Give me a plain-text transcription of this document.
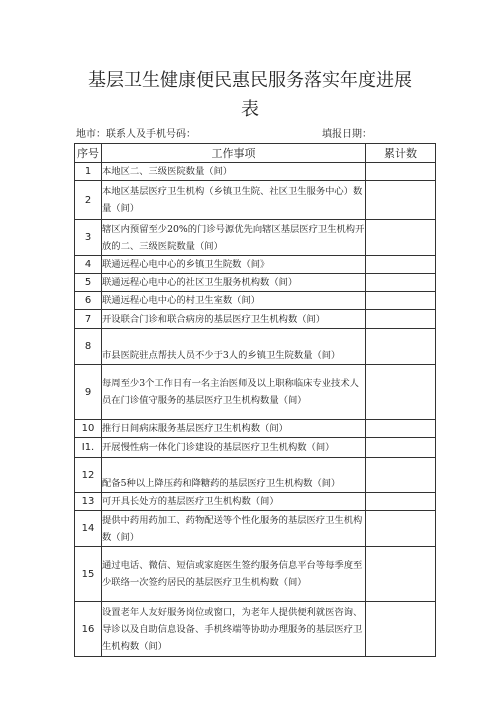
基层卫生健康便民惠民服务落实年度进展
表
地市：联系人及手机号码：	填报日期：
序号	工作事项	累计数
1	本地区二、三级医院数量（间）	
2	本地区基层医疗卫生机构（乡镇卫生院、社区卫生服务中心）数量（间）	
3	辖区内预留至少20%的门诊号源优先向辖区基层医疗卫生机构开放的二、三级医院数量（间）	
4	联通远程心电中心的乡镇卫生院数（间》	
5	联通远程心电中心的社区卫生服务机构数（间）	
6	联通远程心电中心的村卫生室数（间）	
7	开设联合门诊和联合病房的基层医疗卫生机构数（间）	
8	市县医院驻点帮扶人员不少于3人的乡镇卫生院数量（间）	
9	每周至少3个工作日有一名主治医师及以上职称临床专业技术人员在门诊值守服务的基层医疗卫生机构数量（间）	
10	推行日间病床服务基层医疗卫生机构数（间）	
I1.	开展慢性病一体化门诊建设的基层医疗卫生机构数（间）	
12	配备5种以上降压药和降糖药的基层医疗卫生机构数（间）	
13	可开具长处方的基层医疗卫生机构数（间）	
14	提供中药用药加工、药物配送等个性化服务的基层医疗卫生机构数（间）	
15	通过电话、微信、短信或家庭医生签约服务信息平台等每季度至少联络一次签约居民的基层医疗卫生机构数（间）	
16	设置老年人友好服务岗位或窗口，为老年人提供便利就医咨询、导诊以及自助信息设备、手机终端等协助办理服务的基层医疗卫生机构数（间）	
